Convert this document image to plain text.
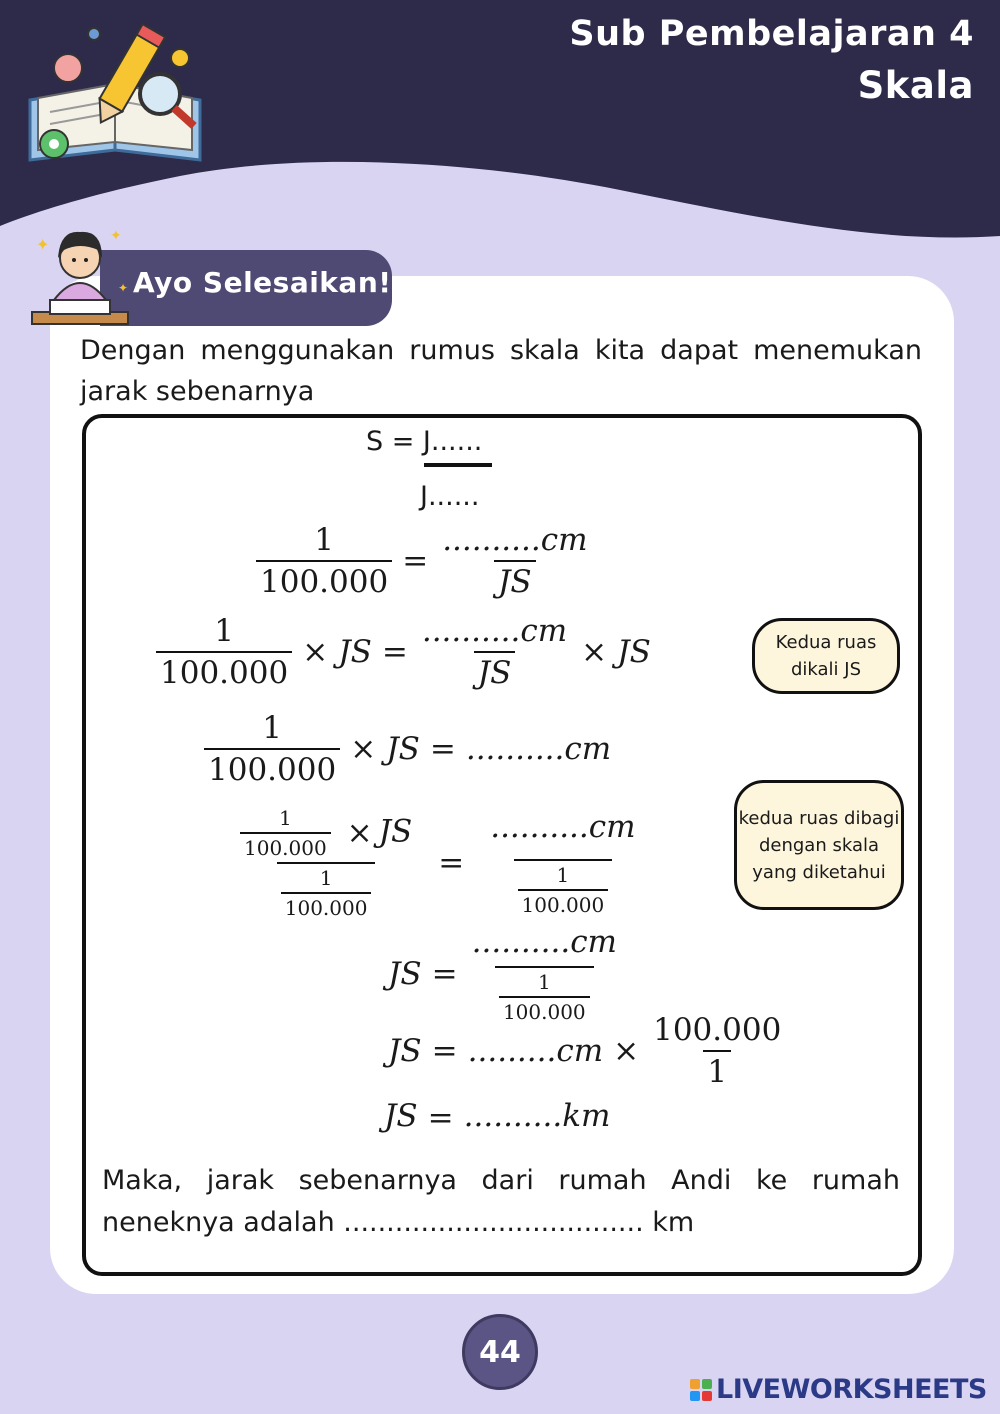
Sub Pembelajaran 4
Skala
✦	✦
✦ Ayo Selesaikan!
Dengan menggunakan rumus skala kita dapat menemukan jarak sebenarnya
S = J......
J......
$\frac{1}{100.000} = \frac{..........cm}{JS}$
$\frac{1}{100.000}$ × JS = $\frac{..........cm}{JS}$ × JS	Kedua ruas dikali JS
$\frac{1}{100.000}$ × JS = ..........cm
$\frac{\frac{1}{100.000} \times JS}{\frac{1}{100.000}} = \frac{..........cm}{\frac{1}{100.000}}$	kedua ruas dibagi dengan skala yang diketahui
JS = $\frac{..........cm}{\frac{1}{100.000}}$
JS = $.........cm \times \frac{100.000}{1}$
JS = ..........km
Maka, jarak sebenarnya dari rumah Andi ke rumah neneknya adalah ................................... km
44
LIVEWORKSHEETS
